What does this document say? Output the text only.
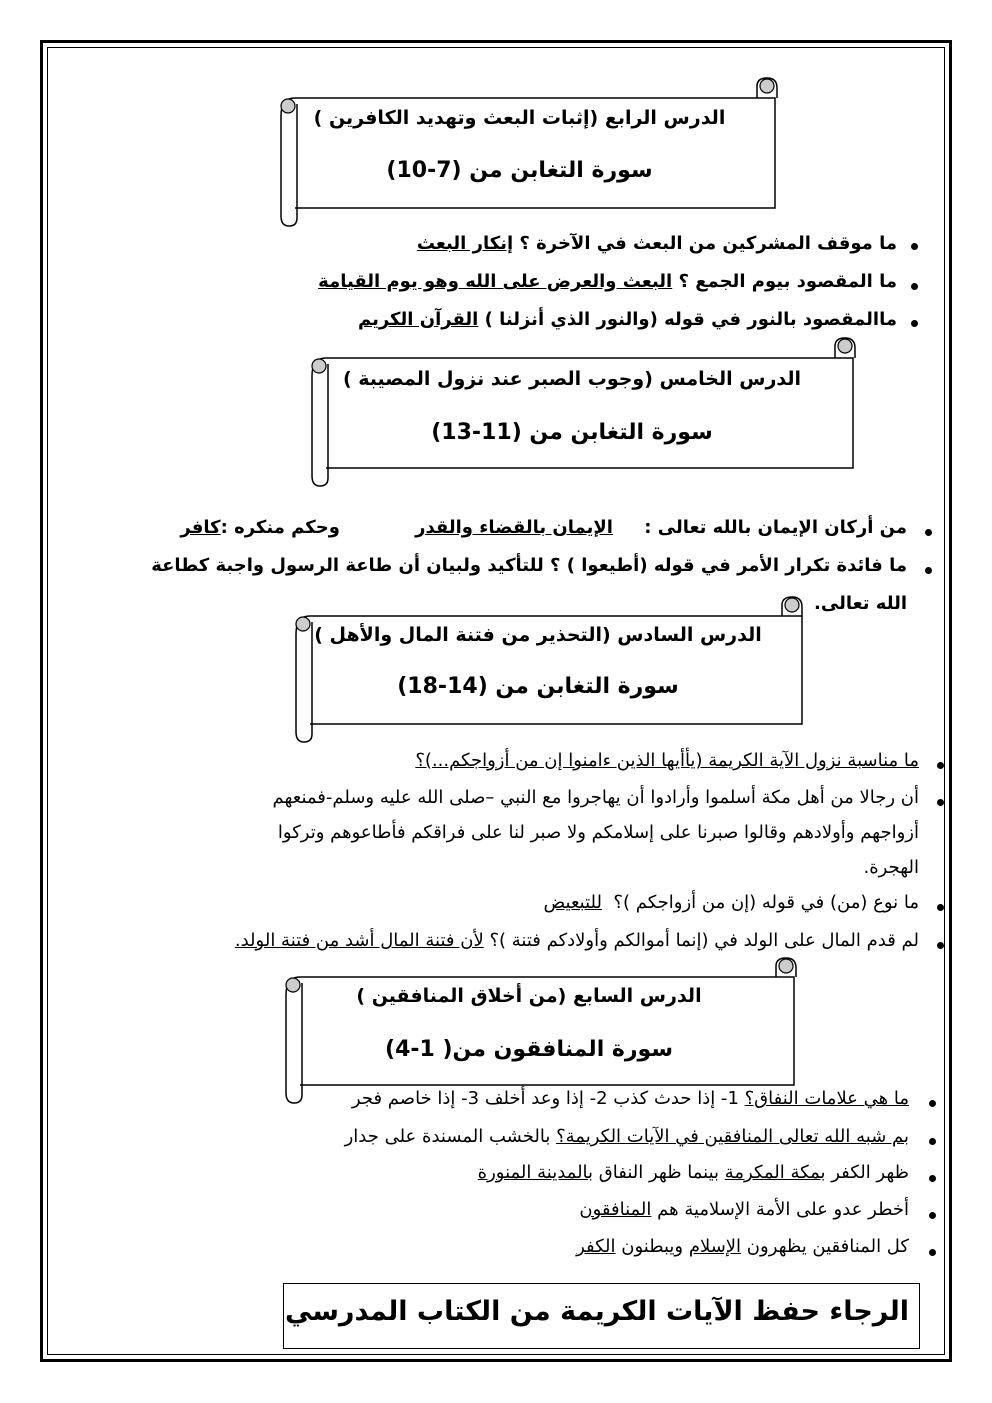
الدرس الرابع (إثبات البعث وتهديد الكافرين )
سورة التغابن من (7-10)
ما موقف المشركين من البعث في الآخرة ؟ إنكار البعث
ما المقصود بيوم الجمع ؟ البعث والعرض على الله وهو يوم القيامة
ماالمقصود بالنور في قوله (والنور الذي أنزلنا ) القرآن الكريم
الدرس الخامس (وجوب الصبر عند نزول المصيبة )
سورة التغابن من (11-13)
من أركان الإيمان بالله تعالى :     الإيمان بالقضاء والقدر            وحكم منكره :كافر
ما فائدة تكرار الأمر في قوله (أطيعوا ) ؟ للتأكيد ولبيان أن طاعة الرسول واجبة كطاعة
الله تعالى.
الدرس السادس (التحذير من فتنة المال والأهل )
سورة التغابن من (14-18)
ما مناسبة نزول الآية الكريمة (يأأيها الذين ءامنوا إن من أزواجكم...)؟
أن رجالا من أهل مكة أسلموا وأرادوا أن يهاجروا مع النبي –صلى الله عليه وسلم-فمنعهم
أزواجهم وأولادهم وقالوا صبرنا على إسلامكم ولا صبر لنا على فراقكم فأطاعوهم وتركوا
الهجرة.
ما نوع (من) في قوله (إن من أزواجكم )؟  للتبعيض
لم قدم المال على الولد في (إنما أموالكم وأولادكم فتنة )؟ لأن فتنة المال أشد من فتنة الولد.
الدرس السابع (من أخلاق المنافقين )
سورة المنافقون من( 1-4)
ما هي علامات النفاق؟ 1- إذا حدث كذب 2- إذا وعد أخلف 3- إذا خاصم فجر
بم شبه الله تعالى المنافقين في الآيات الكريمة؟ بالخشب المسندة على جدار
ظهر الكفر بمكة المكرمة بينما ظهر النفاق بالمدينة المنورة
أخطر عدو على الأمة الإسلامية هم المنافقون
كل المنافقين يظهرون الإسلام ويبطنون الكفر
الرجاء حفظ الآيات الكريمة من الكتاب المدرسي
